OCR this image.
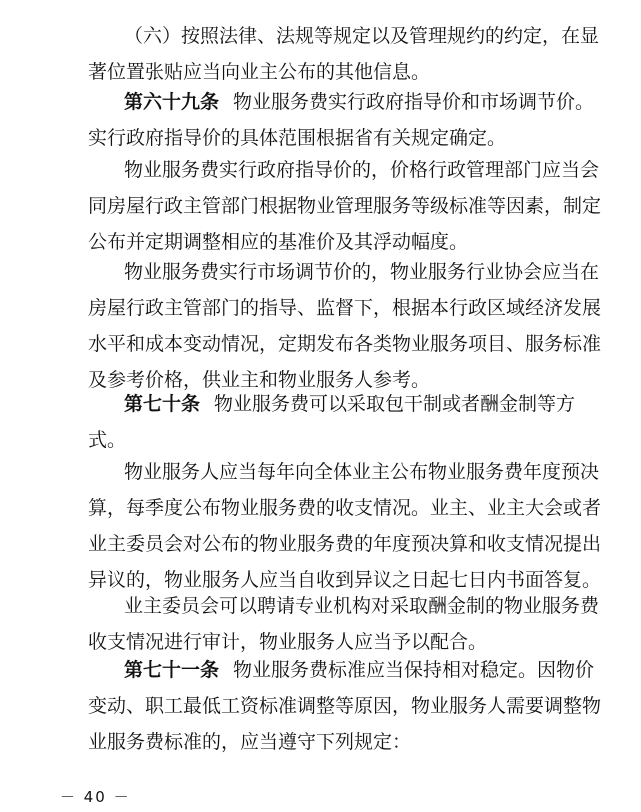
（六）按照法律、法规等规定以及管理规约的约定，在显
著位置张贴应当向业主公布的其他信息。
第六十九条 物业服务费实行政府指导价和市场调节价。
实行政府指导价的具体范围根据省有关规定确定。
物业服务费实行政府指导价的，价格行政管理部门应当会
同房屋行政主管部门根据物业管理服务等级标准等因素，制定
公布并定期调整相应的基准价及其浮动幅度。
物业服务费实行市场调节价的，物业服务行业协会应当在
房屋行政主管部门的指导、监督下，根据本行政区域经济发展
水平和成本变动情况，定期发布各类物业服务项目、服务标准
及参考价格，供业主和物业服务人参考。
第七十条 物业服务费可以采取包干制或者酬金制等方
式。
物业服务人应当每年向全体业主公布物业服务费年度预决
算，每季度公布物业服务费的收支情况。业主、业主大会或者
业主委员会对公布的物业服务费的年度预决算和收支情况提出
异议的，物业服务人应当自收到异议之日起七日内书面答复。
业主委员会可以聘请专业机构对采取酬金制的物业服务费
收支情况进行审计，物业服务人应当予以配合。
第七十一条 物业服务费标准应当保持相对稳定。因物价
变动、职工最低工资标准调整等原因，物业服务人需要调整物
业服务费标准的，应当遵守下列规定：
－ 40 －
